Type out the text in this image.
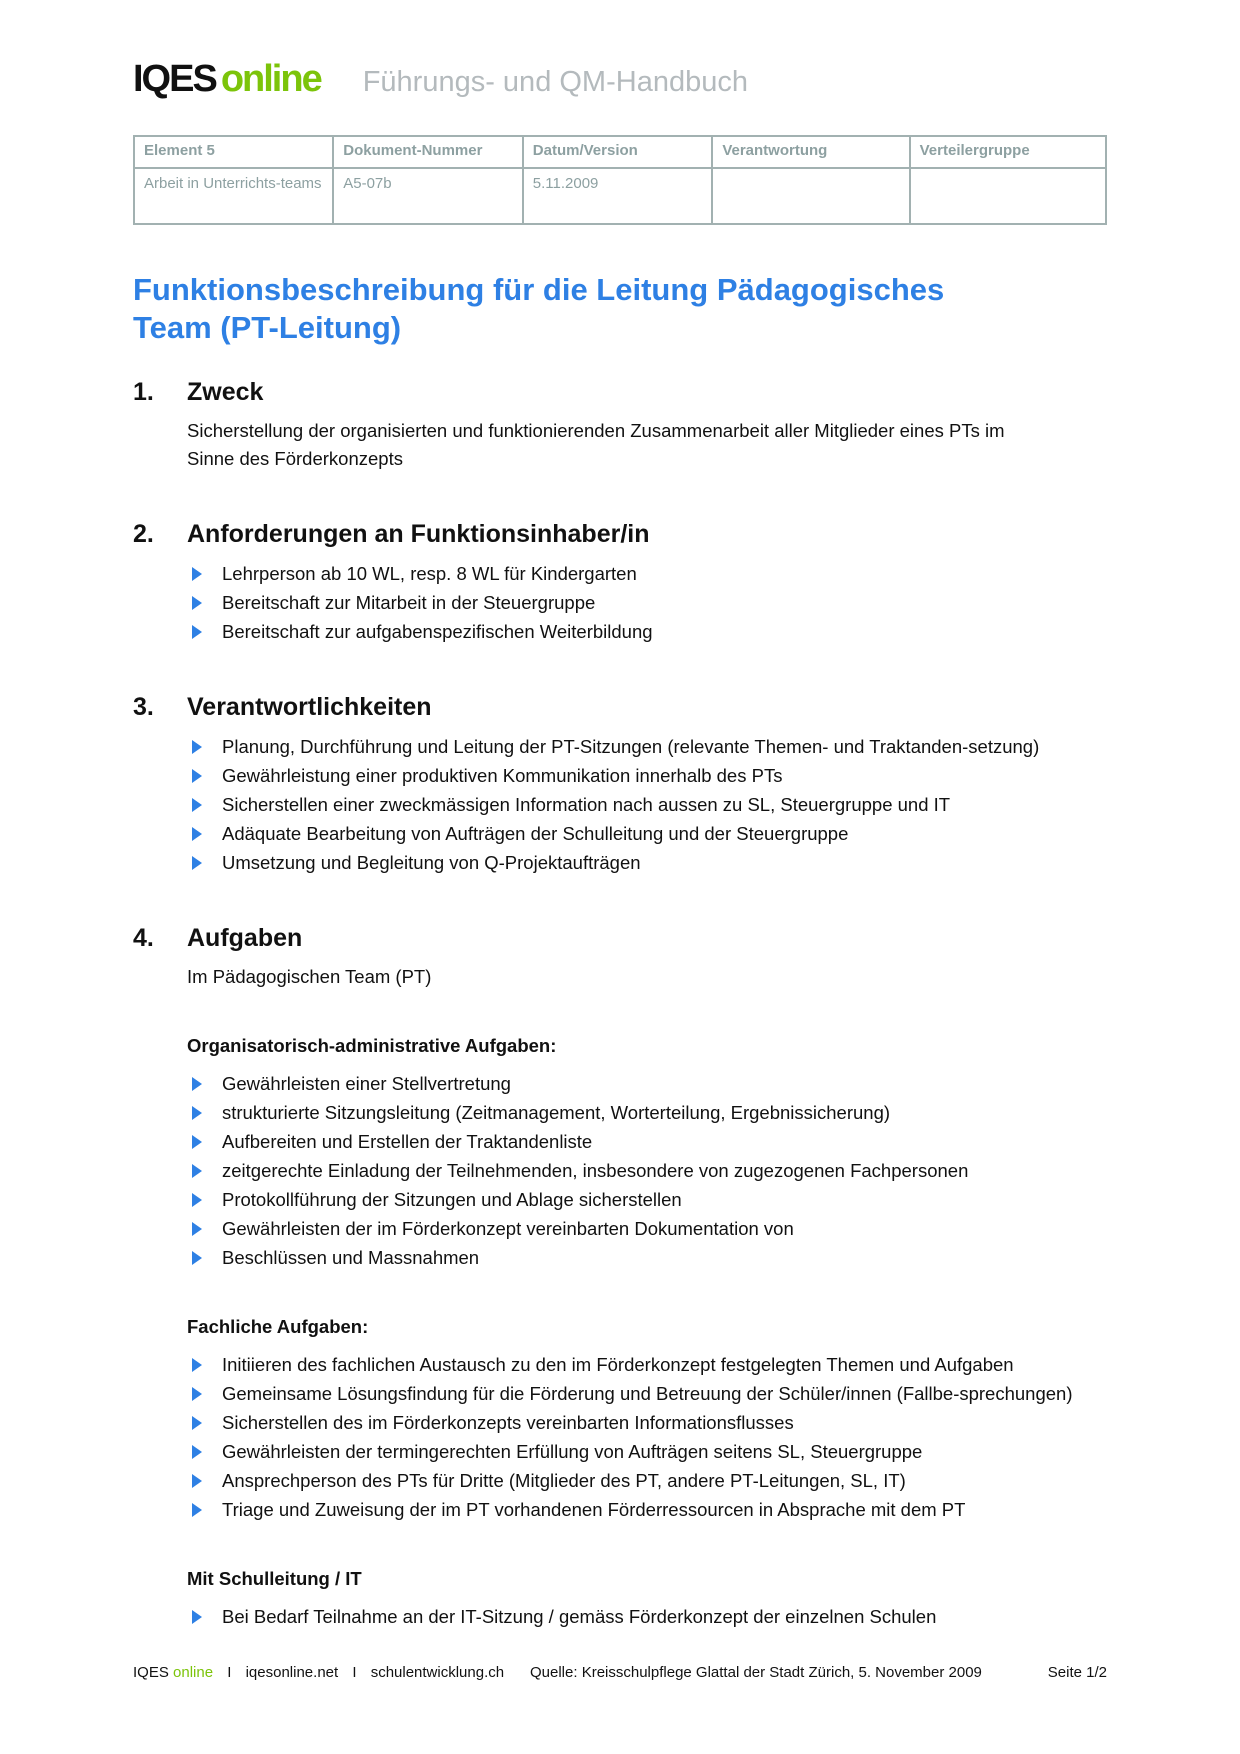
IQES online Führungs- und QM-Handbuch
Element 5	Dokument-Nummer	Datum/Version	Verantwortung	Verteilergruppe
Arbeit in Unterrichts-teams	A5-07b	5.11.2009		
Funktionsbeschreibung für die Leitung Pädagogisches
Team (PT-Leitung)
1.	Zweck

Sicherstellung der organisierten und funktionierenden Zusammenarbeit aller Mitglieder eines PTs im Sinne des Förderkonzepts

2.	Anforderungen an Funktionsinhaber/in
Lehrperson ab 10 WL, resp. 8 WL für Kindergarten
Bereitschaft zur Mitarbeit in der Steuergruppe
Bereitschaft zur aufgabenspezifischen Weiterbildung
3.	Verantwortlichkeiten
Planung, Durchführung und Leitung der PT-Sitzungen (relevante Themen- und Traktanden-setzung)
Gewährleistung einer produktiven Kommunikation innerhalb des PTs
Sicherstellen einer zweckmässigen Information nach aussen zu SL, Steuergruppe und IT
Adäquate Bearbeitung von Aufträgen der Schulleitung und der Steuergruppe
Umsetzung und Begleitung von Q-Projektaufträgen
4.	Aufgaben

Im Pädagogischen Team (PT)

Organisatorisch-administrative Aufgaben:
Gewährleisten einer Stellvertretung
strukturierte Sitzungsleitung (Zeitmanagement, Worterteilung, Ergebnissicherung)
Aufbereiten und Erstellen der Traktandenliste
zeitgerechte Einladung der Teilnehmenden, insbesondere von zugezogenen Fachpersonen
Protokollführung der Sitzungen und Ablage sicherstellen
Gewährleisten der im Förderkonzept vereinbarten Dokumentation von
Beschlüssen und Massnahmen
Fachliche Aufgaben:
Initiieren des fachlichen Austausch zu den im Förderkonzept festgelegten Themen und Aufgaben
Gemeinsame Lösungsfindung für die Förderung und Betreuung der Schüler/innen (Fallbe-sprechungen)
Sicherstellen des im Förderkonzepts vereinbarten Informationsflusses
Gewährleisten der termingerechten Erfüllung von Aufträgen seitens SL, Steuergruppe
Ansprechperson des PTs für Dritte (Mitglieder des PT, andere PT-Leitungen, SL, IT)
Triage und Zuweisung der im PT vorhandenen Förderressourcen in Absprache mit dem PT
Mit Schulleitung / IT
Bei Bedarf Teilnahme an der IT-Sitzung / gemäss Förderkonzept der einzelnen Schulen
IQES online I iqesonline.net I schulentwicklung.ch Quelle: Kreisschulpflege Glattal der Stadt Zürich, 5. November 2009	Seite 1/2
